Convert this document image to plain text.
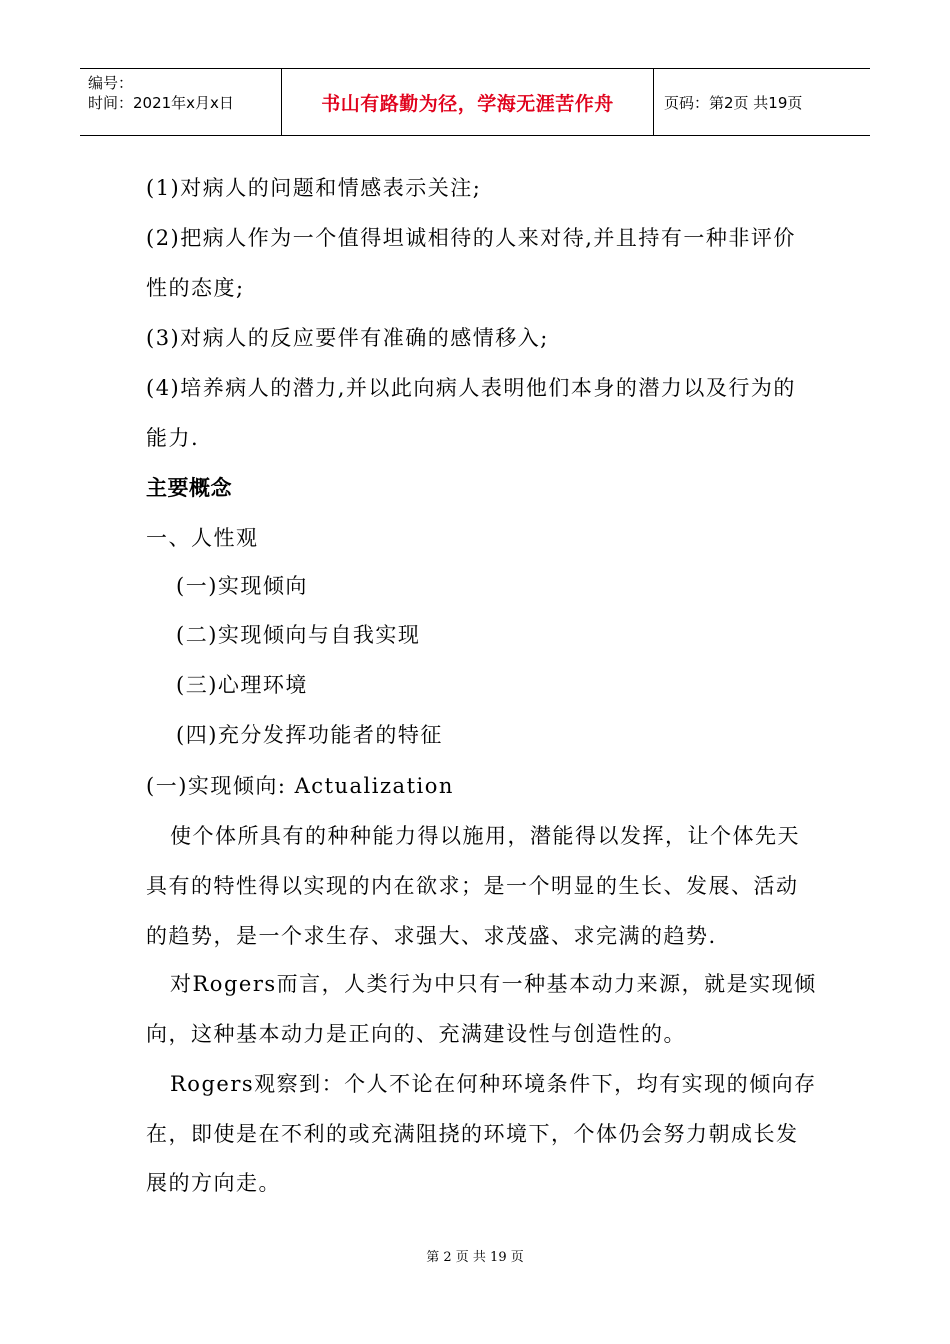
编号：
时间：2021年x月x日	书山有路勤为径，学海无涯苦作舟	页码：第2页 共19页
(1)对病人的问题和情感表示关注;
(2)把病人作为一个值得坦诚相待的人来对待,并且持有一种非评价
性的态度;
(3)对病人的反应要伴有准确的感情移入;
(4)培养病人的潜力,并以此向病人表明他们本身的潜力以及行为的
能力.
主要概念
一、人性观
(一)实现倾向
(二)实现倾向与自我实现
(三)心理环境
(四)充分发挥功能者的特征
(一)实现倾向: Actualization
使个体所具有的种种能力得以施用，潜能得以发挥，让个体先天
具有的特性得以实现的内在欲求；是一个明显的生长、发展、活动
的趋势，是一个求生存、求强大、求茂盛、求完满的趋势.
对Rogers而言，人类行为中只有一种基本动力来源，就是实现倾
向，这种基本动力是正向的、充满建设性与创造性的。
Rogers观察到：个人不论在何种环境条件下，均有实现的倾向存
在，即使是在不利的或充满阻挠的环境下，个体仍会努力朝成长发
展的方向走。
第 2 页 共 19 页
